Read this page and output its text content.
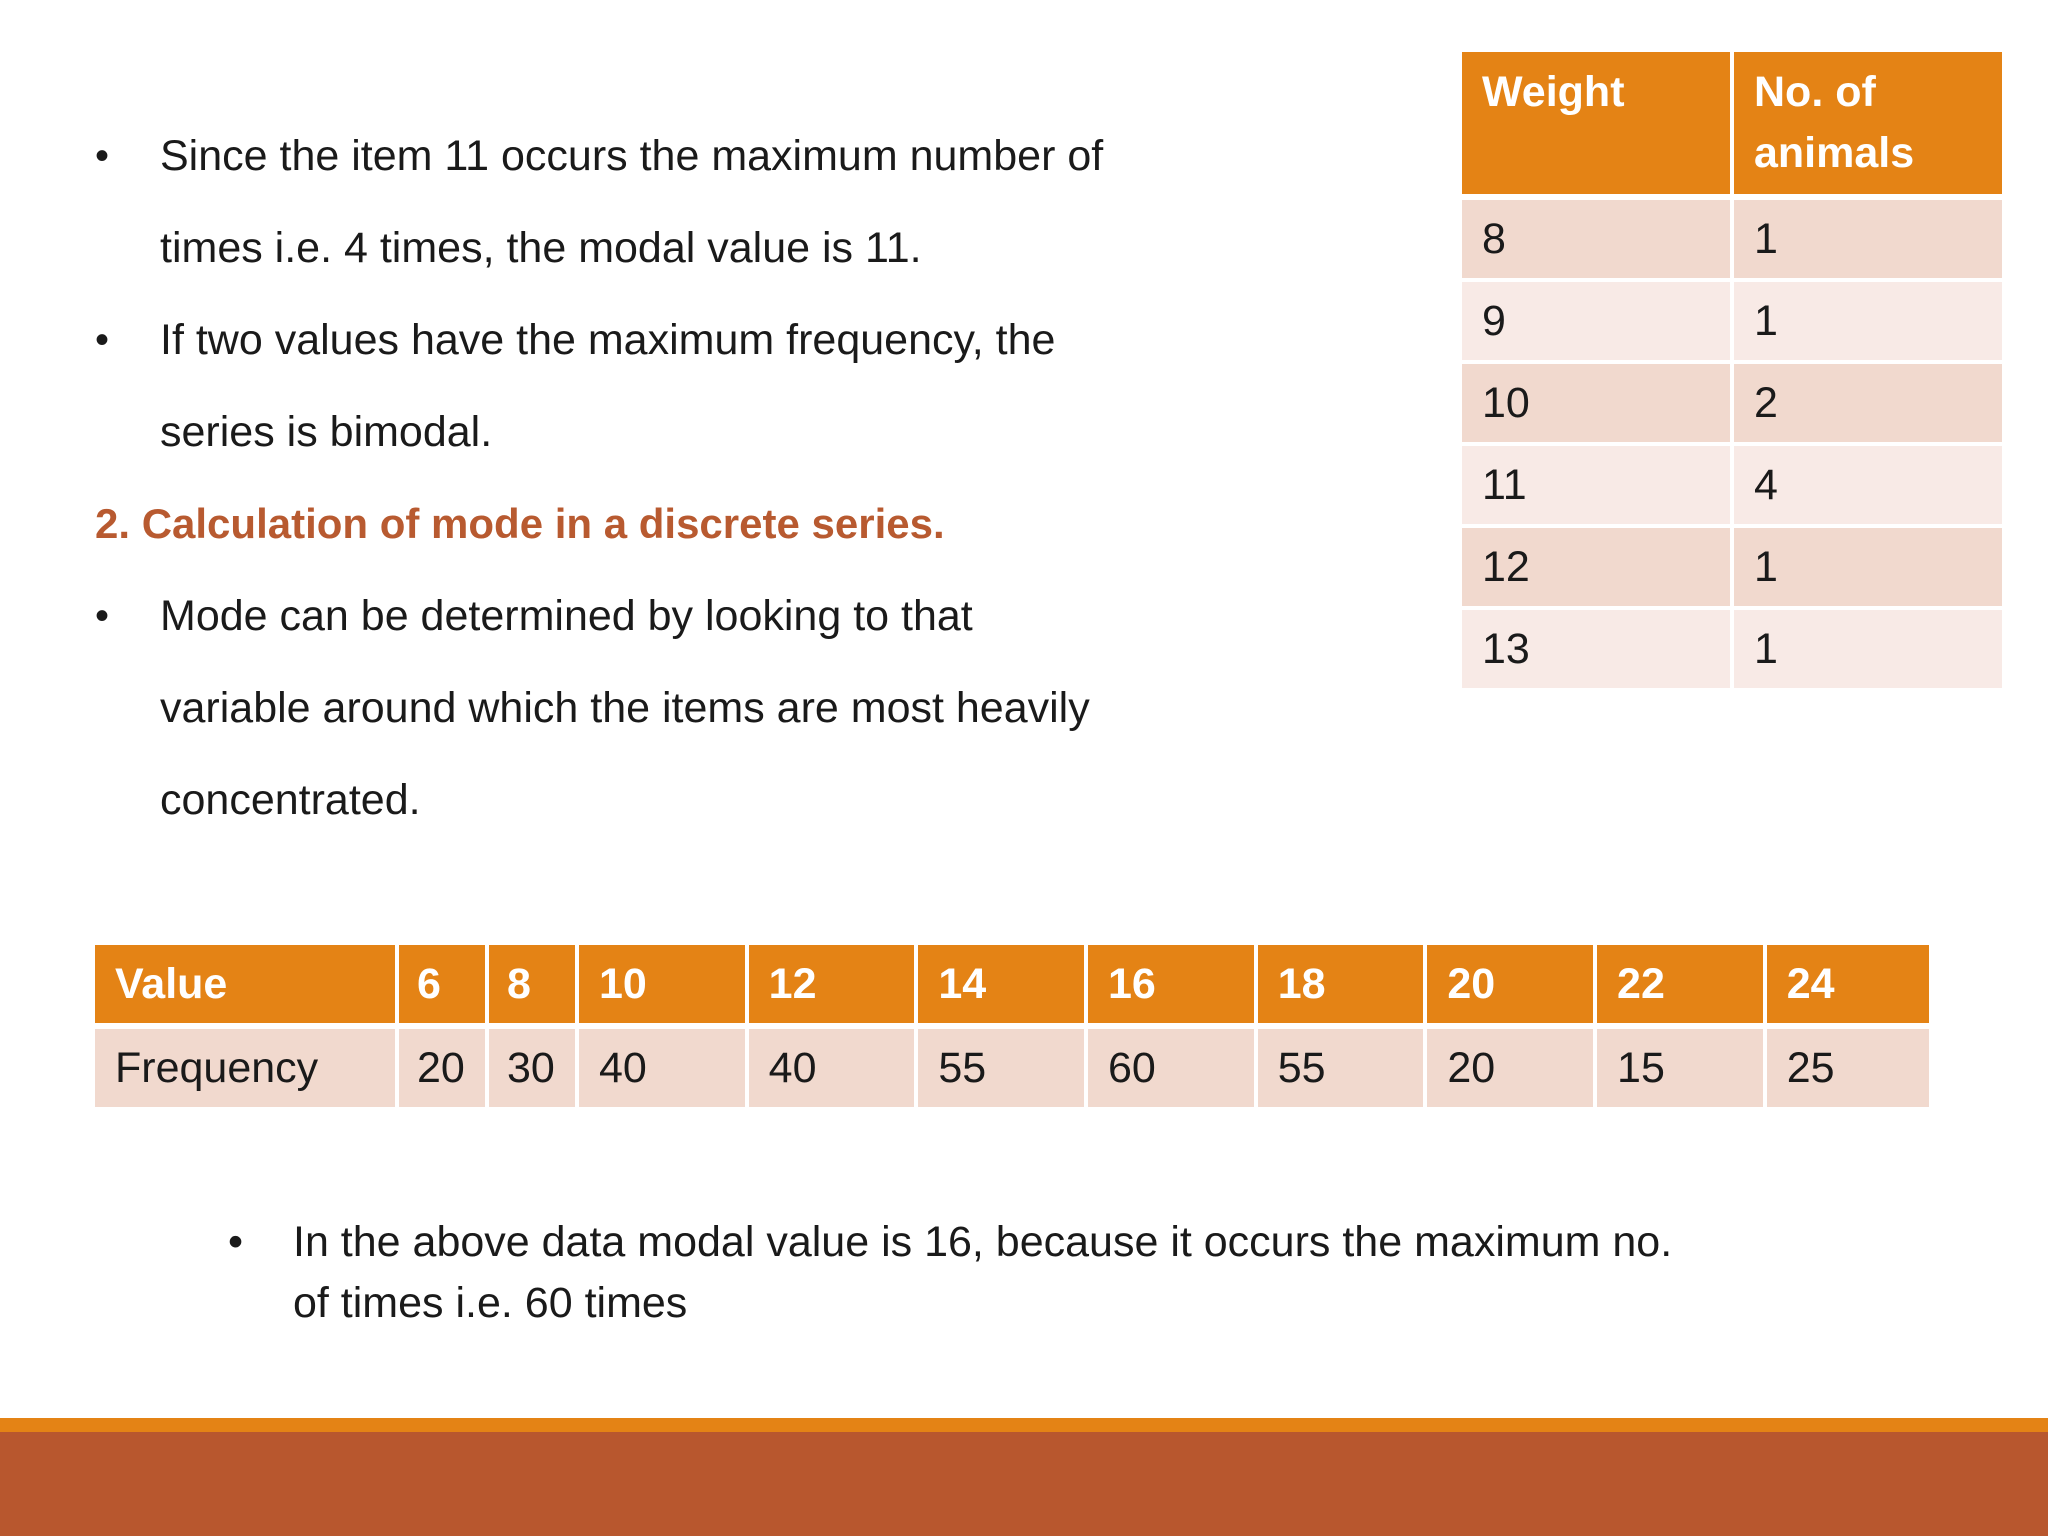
• Since the item 11 occurs the maximum number of
times i.e. 4 times, the modal value is 11.
• If two values have the maximum frequency, the
series is bimodal.
2. Calculation of mode in a discrete series.
• Mode can be determined by looking to that
variable around which the items are most heavily
concentrated.
Weight	No. of
animals
8	1
9	1
10	2
11	4
12	1
13	1
Value	6	8	10	12	14	16	18	20	22	24
Frequency	20	30	40	40	55	60	55	20	15	25
• In the above data modal value is 16, because it occurs the maximum no.
of times i.e. 60 times
